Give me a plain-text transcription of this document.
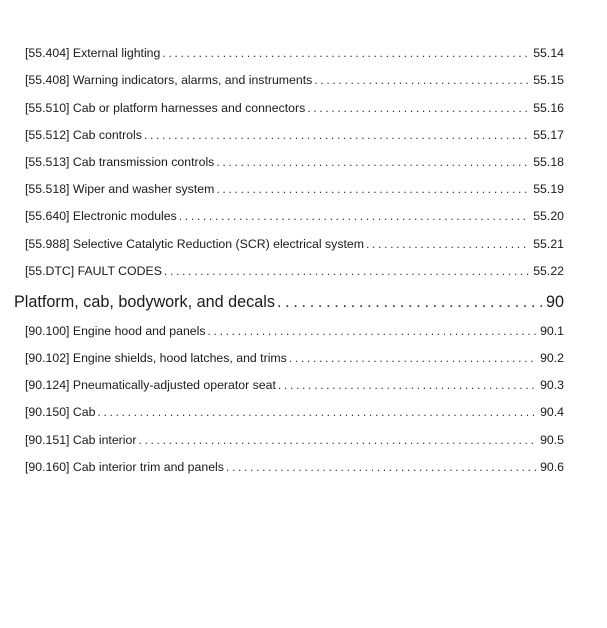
[55.404] External lighting . . .	55.14
[55.408] Warning indicators, alarms, and instruments . . .	55.15
[55.510] Cab or platform harnesses and connectors . . .	55.16
[55.512] Cab controls . . .	55.17
[55.513] Cab transmission controls . . .	55.18
[55.518] Wiper and washer system . . .	55.19
[55.640] Electronic modules . . .	55.20
[55.988] Selective Catalytic Reduction (SCR) electrical system . . .	55.21
[55.DTC] FAULT CODES . . .	55.22
Platform, cab, bodywork, and decals . . .	90
[90.100] Engine hood and panels . . .	90.1
[90.102] Engine shields, hood latches, and trims . . .	90.2
[90.124] Pneumatically-adjusted operator seat . . .	90.3
[90.150] Cab . . .	90.4
[90.151] Cab interior . . .	90.5
[90.160] Cab interior trim and panels . . .	90.6
